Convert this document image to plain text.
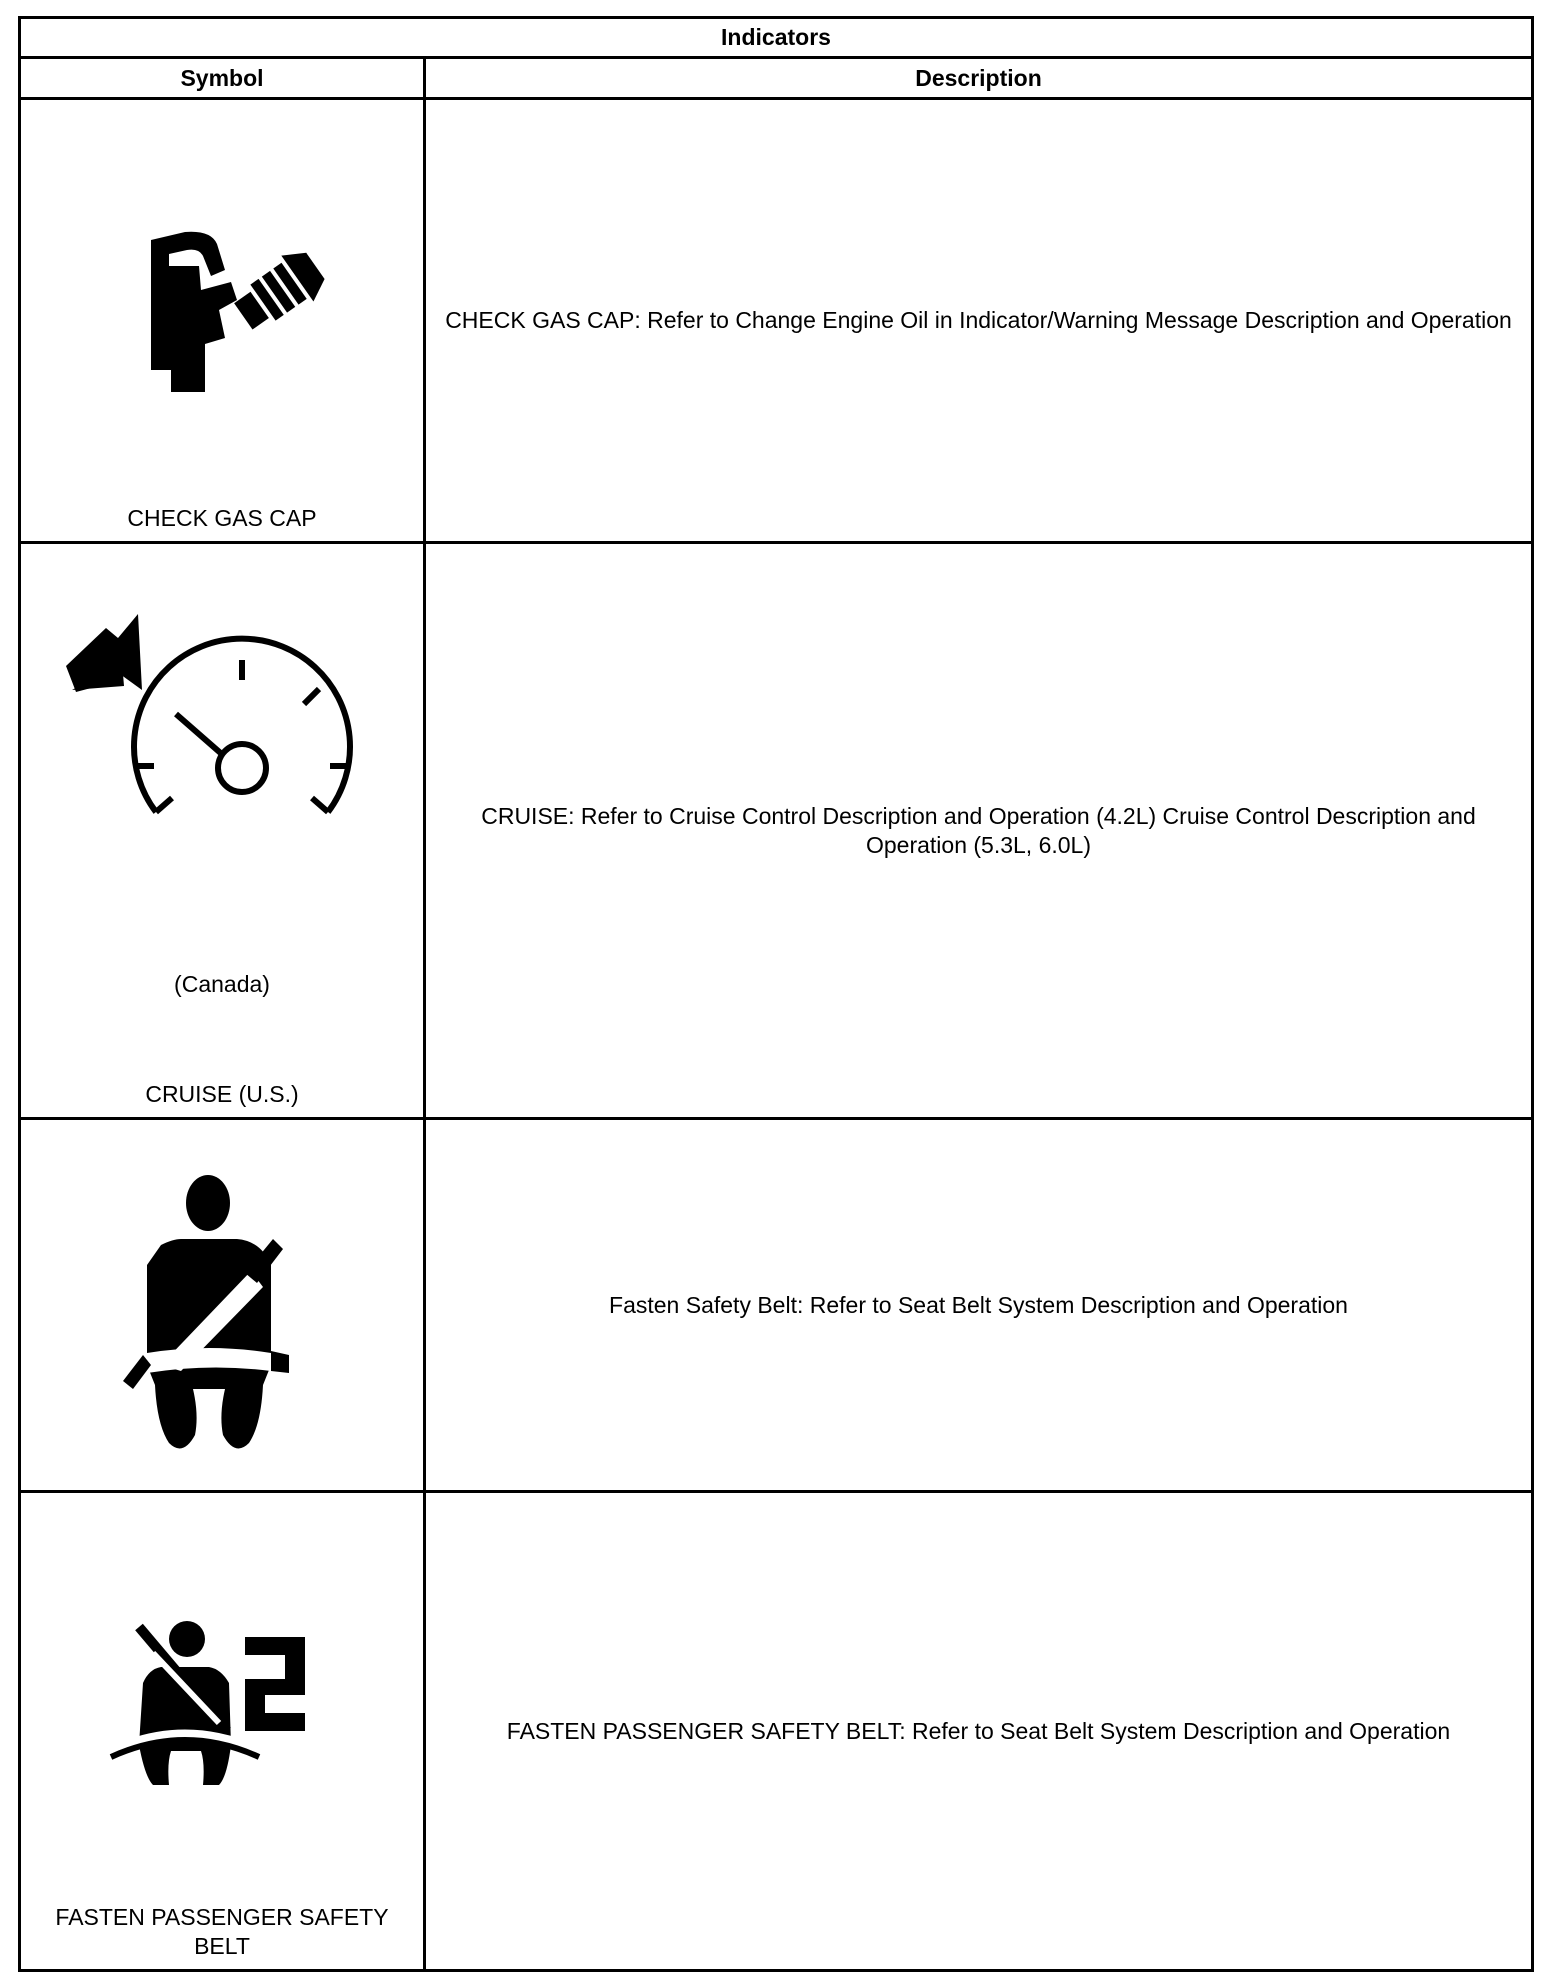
Indicators
Symbol	Description
CHECK GAS CAP
CHECK GAS CAP: Refer to Change Engine Oil in Indicator/Warning Message Description and Operation
(Canada)
CRUISE (U.S.)
CRUISE: Refer to Cruise Control Description and Operation (4.2L) Cruise Control Description and Operation (5.3L, 6.0L)
Fasten Safety Belt: Refer to Seat Belt System Description and Operation
FASTEN PASSENGER SAFETY BELT
FASTEN PASSENGER SAFETY BELT: Refer to Seat Belt System Description and Operation
